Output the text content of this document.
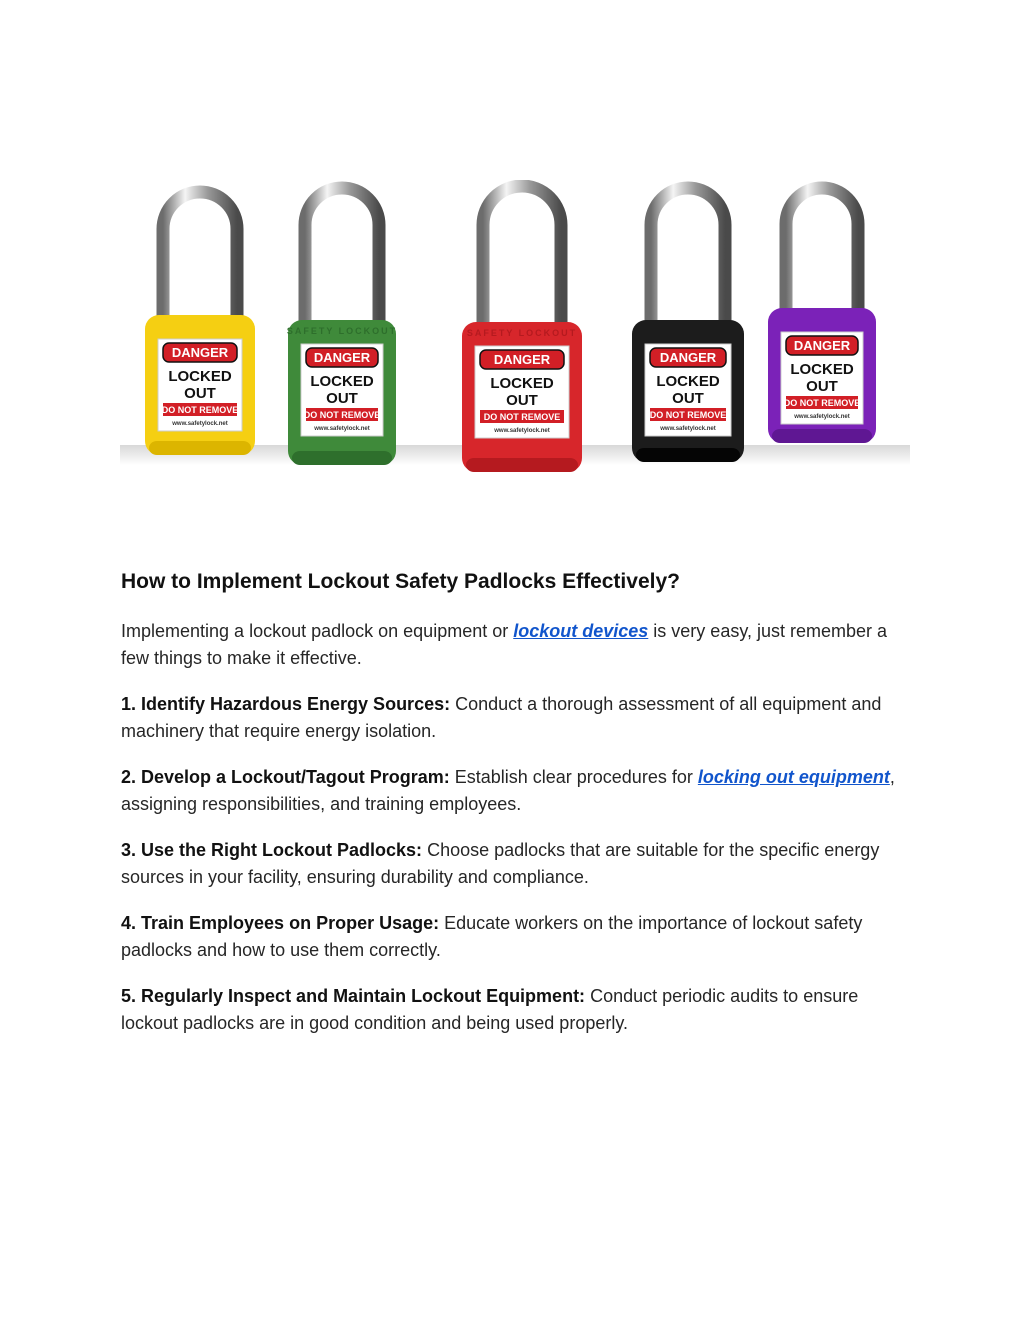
DANGER
LOCKED
OUT
DO NOT REMOVE
www.safetylock.net
SAFETY LOCKOUT
DANGER
LOCKED
OUT
DO NOT REMOVE
www.safetylock.net
SAFETY LOCKOUT
DANGER
LOCKED
OUT
DO NOT REMOVE
www.safetylock.net
DANGER
LOCKED
OUT
DO NOT REMOVE
www.safetylock.net
DANGER
LOCKED
OUT
DO NOT REMOVE
www.safetylock.net
How to Implement Lockout Safety Padlocks Effectively?

Implementing a lockout padlock on equipment or lockout devices is very easy, just remember a few things to make it effective.

1. Identify Hazardous Energy Sources: Conduct a thorough assessment of all equipment and machinery that require energy isolation.

2. Develop a Lockout/Tagout Program: Establish clear procedures for locking out equipment, assigning responsibilities, and training employees.

3. Use the Right Lockout Padlocks: Choose padlocks that are suitable for the specific energy sources in your facility, ensuring durability and compliance.

4. Train Employees on Proper Usage: Educate workers on the importance of lockout safety padlocks and how to use them correctly.

5. Regularly Inspect and Maintain Lockout Equipment: Conduct periodic audits to ensure lockout padlocks are in good condition and being used properly.
